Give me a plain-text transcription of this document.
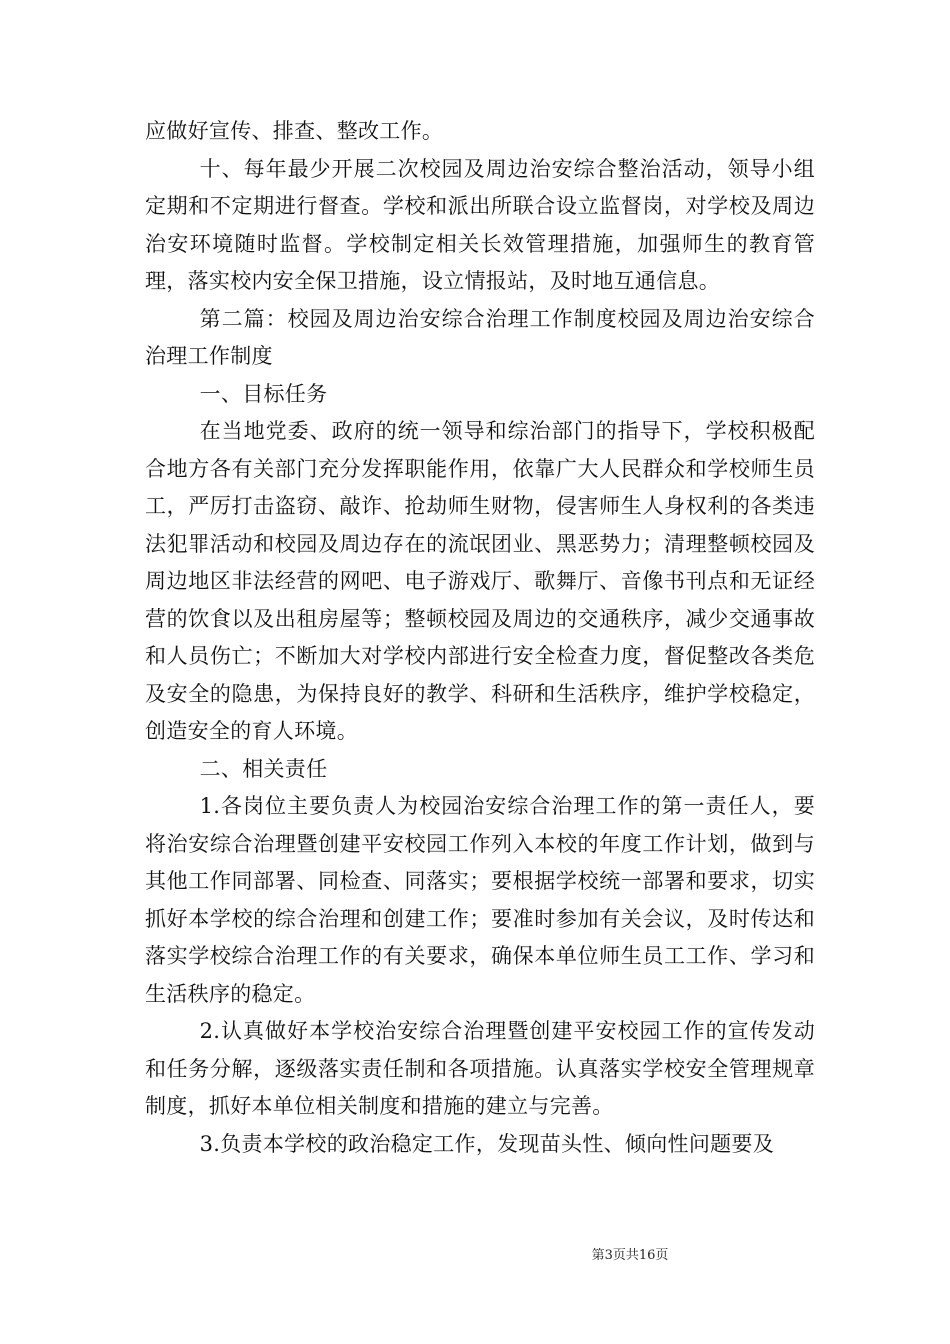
应做好宣传、排查、整改工作。

十、每年最少开展二次校园及周边治安综合整治活动，领导小组定期和不定期进行督查。学校和派出所联合设立监督岗，对学校及周边治安环境随时监督。学校制定相关长效管理措施，加强师生的教育管理，落实校内安全保卫措施，设立情报站，及时地互通信息。

第二篇：校园及周边治安综合治理工作制度校园及周边治安综合治理工作制度

一、目标任务

在当地党委、政府的统一领导和综治部门的指导下，学校积极配合地方各有关部门充分发挥职能作用，依靠广大人民群众和学校师生员工，严厉打击盗窃、敲诈、抢劫师生财物，侵害师生人身权利的各类违法犯罪活动和校园及周边存在的流氓团业、黑恶势力；清理整顿校园及周边地区非法经营的网吧、电子游戏厅、歌舞厅、音像书刊点和无证经营的饮食以及出租房屋等；整顿校园及周边的交通秩序，减少交通事故和人员伤亡；不断加大对学校内部进行安全检查力度，督促整改各类危及安全的隐患，为保持良好的教学、科研和生活秩序，维护学校稳定，创造安全的育人环境。

二、相关责任

1.各岗位主要负责人为校园治安综合治理工作的第一责任人，要将治安综合治理暨创建平安校园工作列入本校的年度工作计划，做到与其他工作同部署、同检查、同落实；要根据学校统一部署和要求，切实抓好本学校的综合治理和创建工作；要准时参加有关会议，及时传达和落实学校综合治理工作的有关要求，确保本单位师生员工工作、学习和生活秩序的稳定。

2.认真做好本学校治安综合治理暨创建平安校园工作的宣传发动和任务分解，逐级落实责任制和各项措施。认真落实学校安全管理规章制度，抓好本单位相关制度和措施的建立与完善。

3.负责本学校的政治稳定工作，发现苗头性、倾向性问题要及

第3页共16页
